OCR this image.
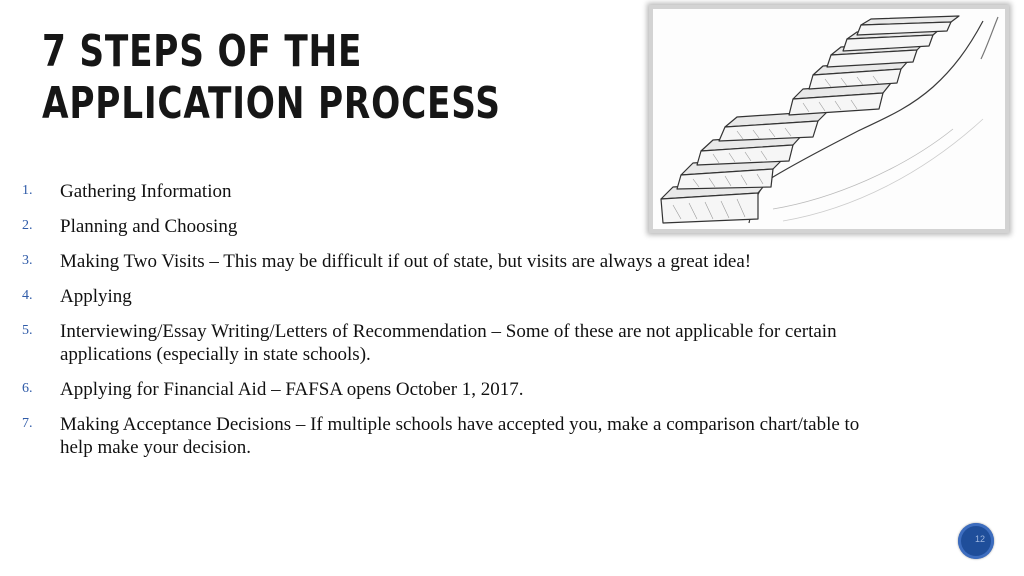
7 STEPS OF THE
APPLICATION PROCESS
1.	Gathering Information
2.	Planning and Choosing
3.	Making Two Visits – This may be difficult if out of state, but visits are always a great idea!
4.	Applying
5.	Interviewing/Essay Writing/Letters of Recommendation – Some of these are not applicable for certain applications (especially in state schools).
6.	Applying for Financial Aid – FAFSA opens October 1, 2017.
7.	Making Acceptance Decisions – If multiple schools have accepted you, make a comparison chart/table to help make your decision.
12
